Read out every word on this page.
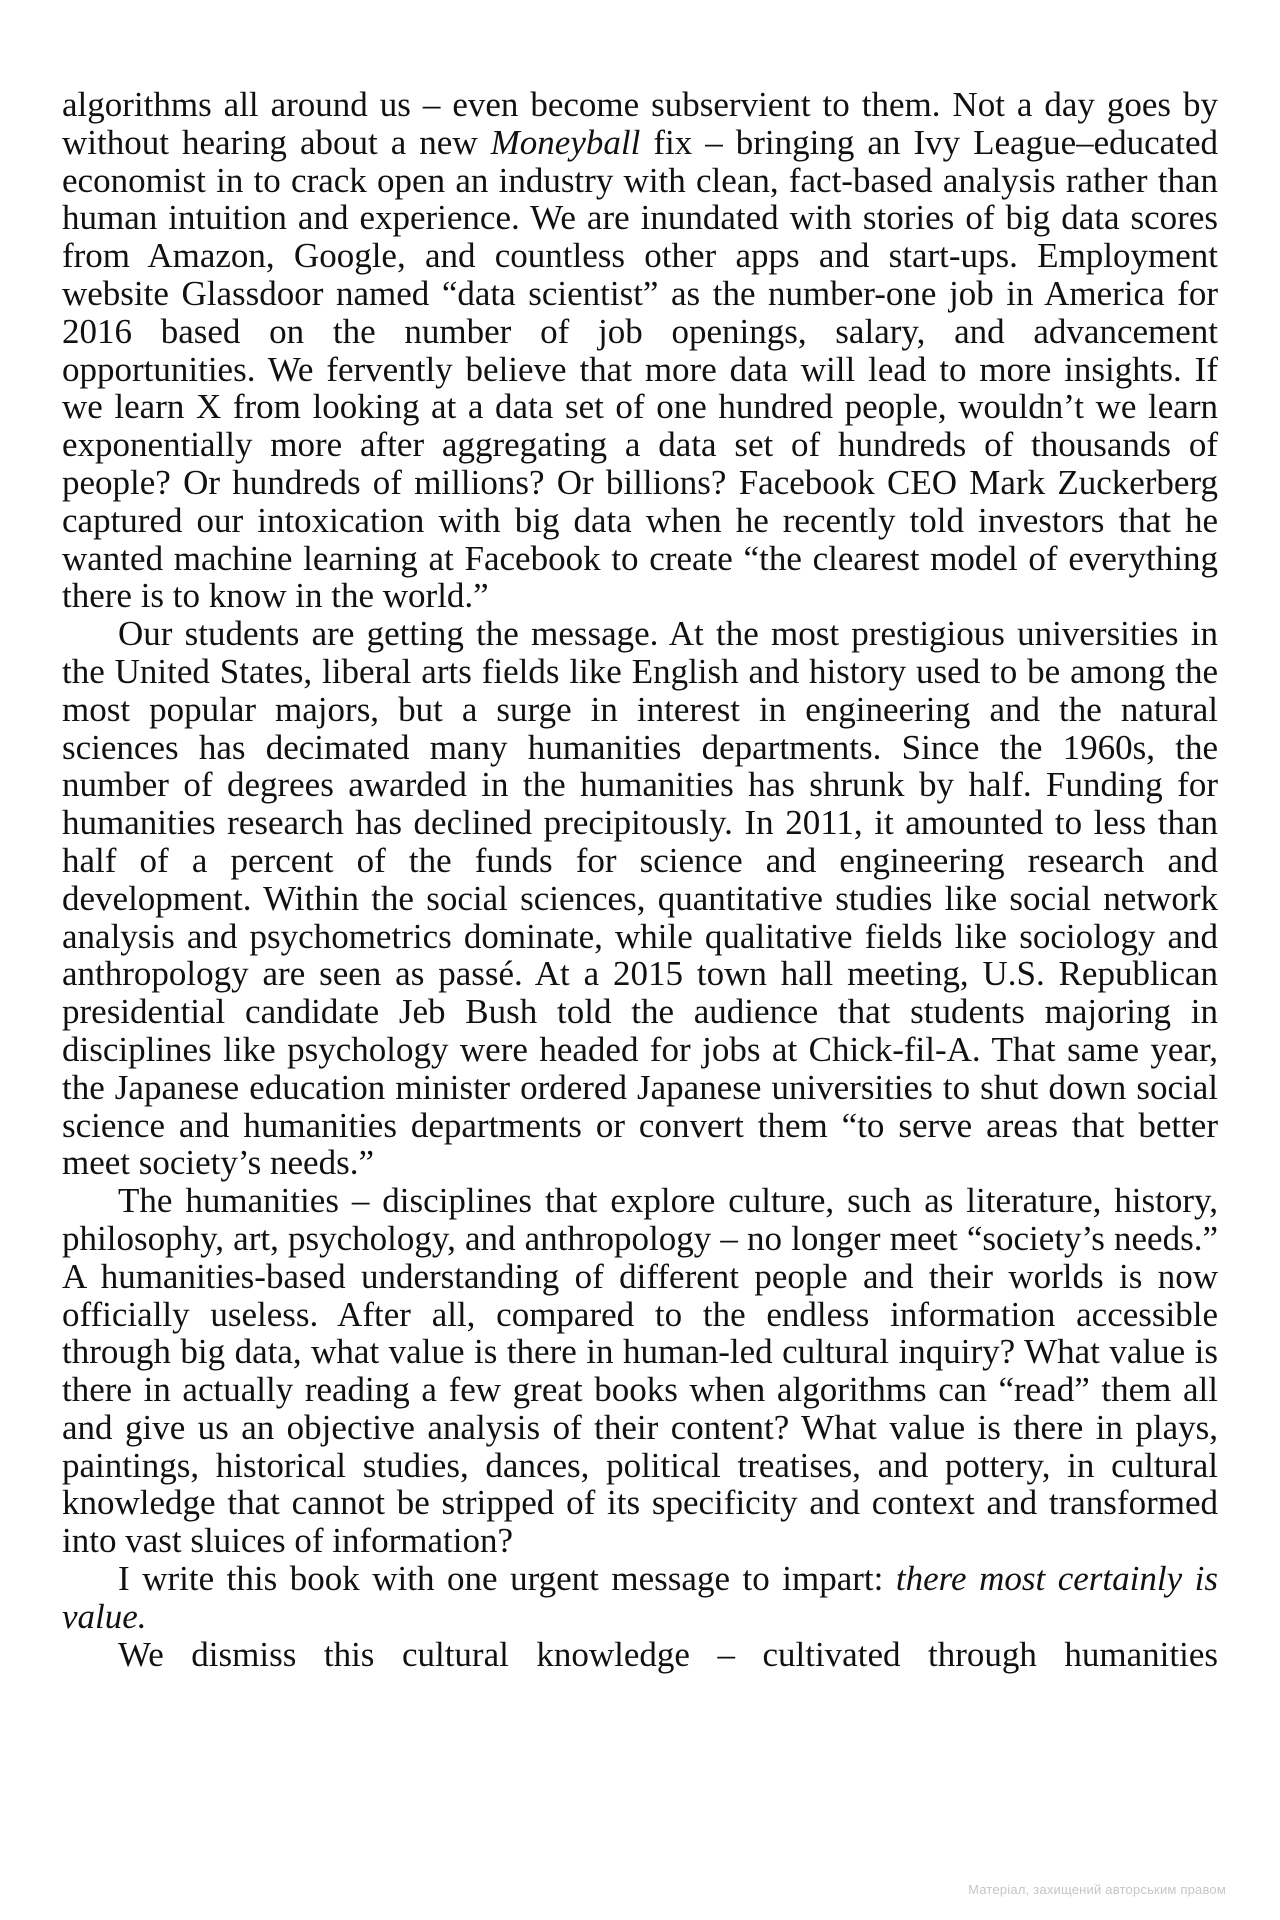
algorithms all around us – even become subservient to them. Not a day goes by without hearing about a new Moneyball fix – bringing an Ivy League–educated economist in to crack open an industry with clean, fact-based analysis rather than human intuition and experience. We are inundated with stories of big data scores from Amazon, Google, and countless other apps and start-ups. Employment website Glassdoor named “data scientist” as the number-one job in America for 2016 based on the number of job openings, salary, and advancement opportunities. We fervently believe that more data will lead to more insights. If we learn X from looking at a data set of one hundred people, wouldn’t we learn exponentially more after aggregating a data set of hundreds of thousands of people? Or hundreds of millions? Or billions? Facebook CEO Mark Zuckerberg captured our intoxication with big data when he recently told investors that he wanted machine learning at Facebook to create “the clearest model of everything there is to know in the world.”

Our students are getting the message. At the most prestigious universities in the United States, liberal arts fields like English and history used to be among the most popular majors, but a surge in interest in engineering and the natural sciences has decimated many humanities departments. Since the 1960s, the number of degrees awarded in the humanities has shrunk by half. Funding for humanities research has declined precipitously. In 2011, it amounted to less than half of a percent of the funds for science and engineering research and development. Within the social sciences, quantitative studies like social network analysis and psychometrics dominate, while qualitative fields like sociology and anthropology are seen as passé. At a 2015 town hall meeting, U.S. Republican presidential candidate Jeb Bush told the audience that students majoring in disciplines like psychology were headed for jobs at Chick-fil-A. That same year, the Japanese education minister ordered Japanese universities to shut down social science and humanities departments or convert them “to serve areas that better meet society’s needs.”

The humanities – disciplines that explore culture, such as literature, history, philosophy, art, psychology, and anthropology – no longer meet “society’s needs.” A humanities-based understanding of different people and their worlds is now officially useless. After all, compared to the endless information accessible through big data, what value is there in human-led cultural inquiry? What value is there in actually reading a few great books when algorithms can “read” them all and give us an objective analysis of their content? What value is there in plays, paintings, historical studies, dances, political treatises, and pottery, in cultural knowledge that cannot be stripped of its specificity and context and transformed into vast sluices of information?

I write this book with one urgent message to impart: there most certainly is value.

We dismiss this cultural knowledge – cultivated through humanities

Матеріал, захищений авторським правом
